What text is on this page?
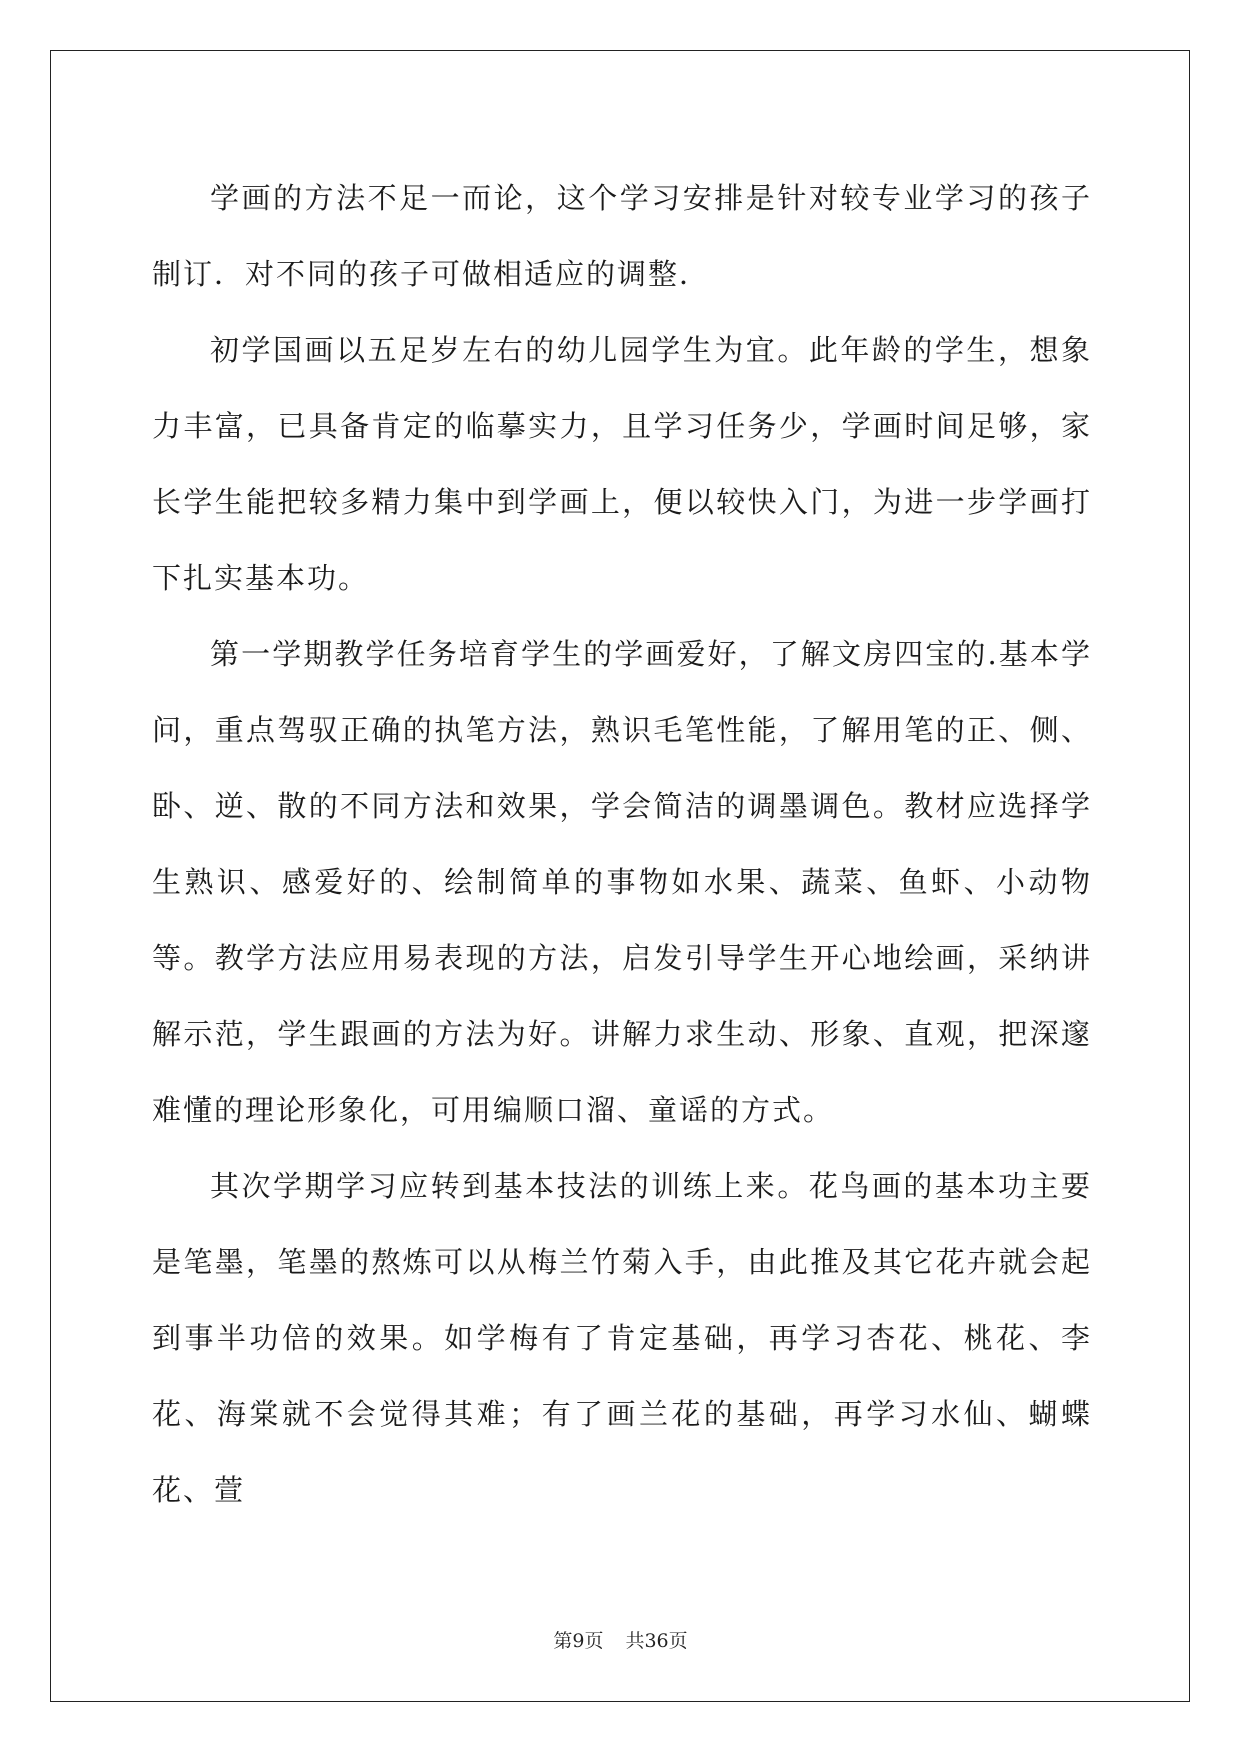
学画的方法不足一而论，这个学习安排是针对较专业学习的孩子制订．对不同的孩子可做相适应的调整．

初学国画以五足岁左右的幼儿园学生为宜。此年龄的学生，想象力丰富，已具备肯定的临摹实力，且学习任务少，学画时间足够，家长学生能把较多精力集中到学画上，便以较快入门，为进一步学画打下扎实基本功。

第一学期教学任务培育学生的学画爱好，了解文房四宝的.基本学问，重点驾驭正确的执笔方法，熟识毛笔性能，了解用笔的正、侧、卧、逆、散的不同方法和效果，学会简洁的调墨调色。教材应选择学生熟识、感爱好的、绘制简单的事物如水果、蔬菜、鱼虾、小动物等。教学方法应用易表现的方法，启发引导学生开心地绘画，采纳讲解示范，学生跟画的方法为好。讲解力求生动、形象、直观，把深邃难懂的理论形象化，可用编顺口溜、童谣的方式。

其次学期学习应转到基本技法的训练上来。花鸟画的基本功主要是笔墨，笔墨的熬炼可以从梅兰竹菊入手，由此推及其它花卉就会起到事半功倍的效果。如学梅有了肯定基础，再学习杏花、桃花、李花、海棠就不会觉得其难；有了画兰花的基础，再学习水仙、蝴蝶花、萱

第9页 共36页
